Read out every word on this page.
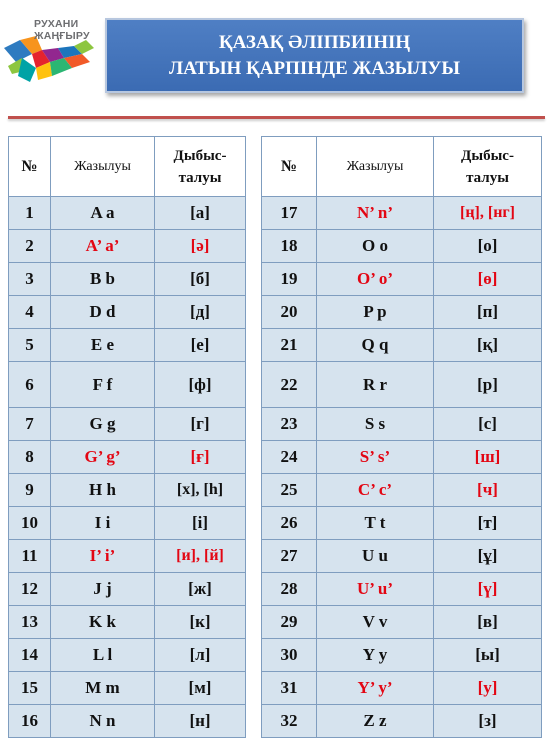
РУХАНИ
ЖАҢҒЫРУ	ҚАЗАҚ ӘЛІПБИІНІҢ
ЛАТЫН ҚАРПІНДЕ ЖАЗЫЛУЫ
№	Жазылуы	Дыбыс-
талуы		№	Жазылуы	Дыбыс-
талуы

1	A a	[а]		17	N’ n’	[ң], [нг]
2	A’ a’	[ә]		18	O o	[о]
3	B b	[б]		19	O’ o’	[ө]
4	D d	[д]		20	P p	[п]
5	E e	[е]		21	Q q	[қ]
6	F f	[ф]		22	R r	[р]
7	G g	[г]		23	S s	[с]
8	G’ g’	[ғ]		24	S’ s’	[ш]
9	H h	[х], [h]		25	C’ c’	[ч]
10	I i	[і]		26	T t	[т]
11	I’ i’	[и], [й]		27	U u	[ұ]
12	J j	[ж]		28	U’ u’	[ү]
13	K k	[к]		29	V v	[в]
14	L l	[л]		30	Y y	[ы]
15	M m	[м]		31	Y’ y’	[у]
16	N n	[н]		32	Z z	[з]
